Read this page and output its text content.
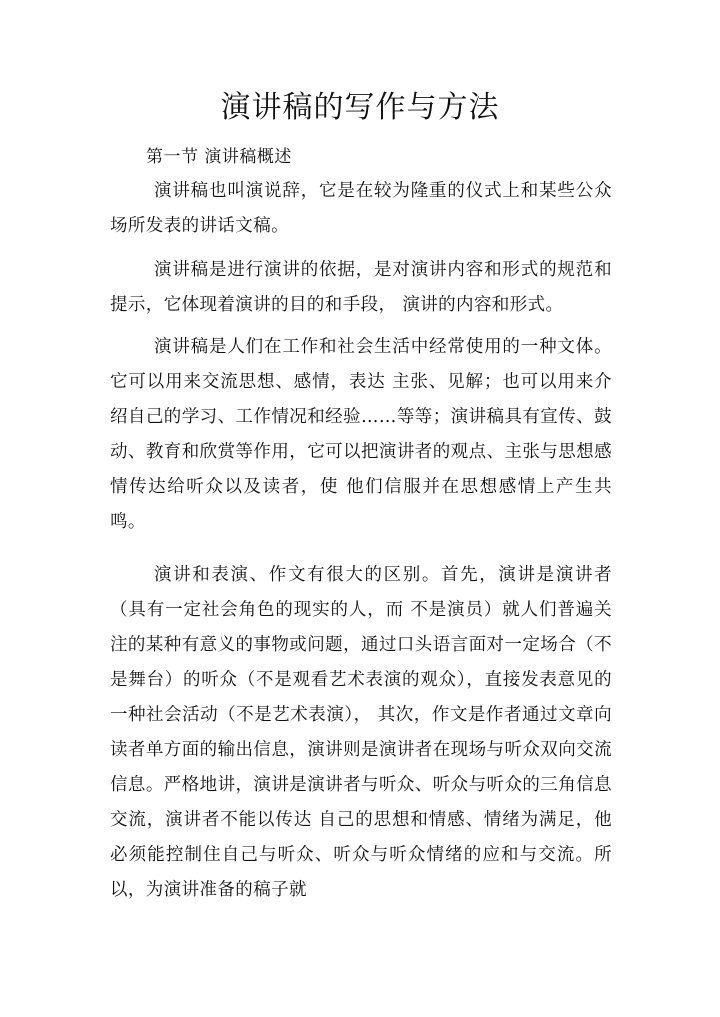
演讲稿的写作与方法
第一节 演讲稿概述

演讲稿也叫演说辞，它是在较为隆重的仪式上和某些公众场所发表的讲话文稿。

演讲稿是进行演讲的依据，是对演讲内容和形式的规范和提示，它体现着演讲的目的和手段， 演讲的内容和形式。

演讲稿是人们在工作和社会生活中经常使用的一种文体。它可以用来交流思想、感情，表达 主张、见解；也可以用来介绍自己的学习、工作情况和经验……等等；演讲稿具有宣传、鼓动、教育和欣赏等作用，它可以把演讲者的观点、主张与思想感情传达给听众以及读者，使 他们信服并在思想感情上产生共鸣。

演讲和表演、作文有很大的区别。首先，演讲是演讲者（具有一定社会角色的现实的人，而 不是演员）就人们普遍关注的某种有意义的事物或问题，通过口头语言面对一定场合（不是舞台）的听众（不是观看艺术表演的观众），直接发表意见的一种社会活动（不是艺术表演）， 其次，作文是作者通过文章向读者单方面的输出信息，演讲则是演讲者在现场与听众双向交流信息。严格地讲，演讲是演讲者与听众、听众与听众的三角信息交流，演讲者不能以传达 自己的思想和情感、情绪为满足，他必须能控制住自己与听众、听众与听众情绪的应和与交流。所以，为演讲准备的稿子就
